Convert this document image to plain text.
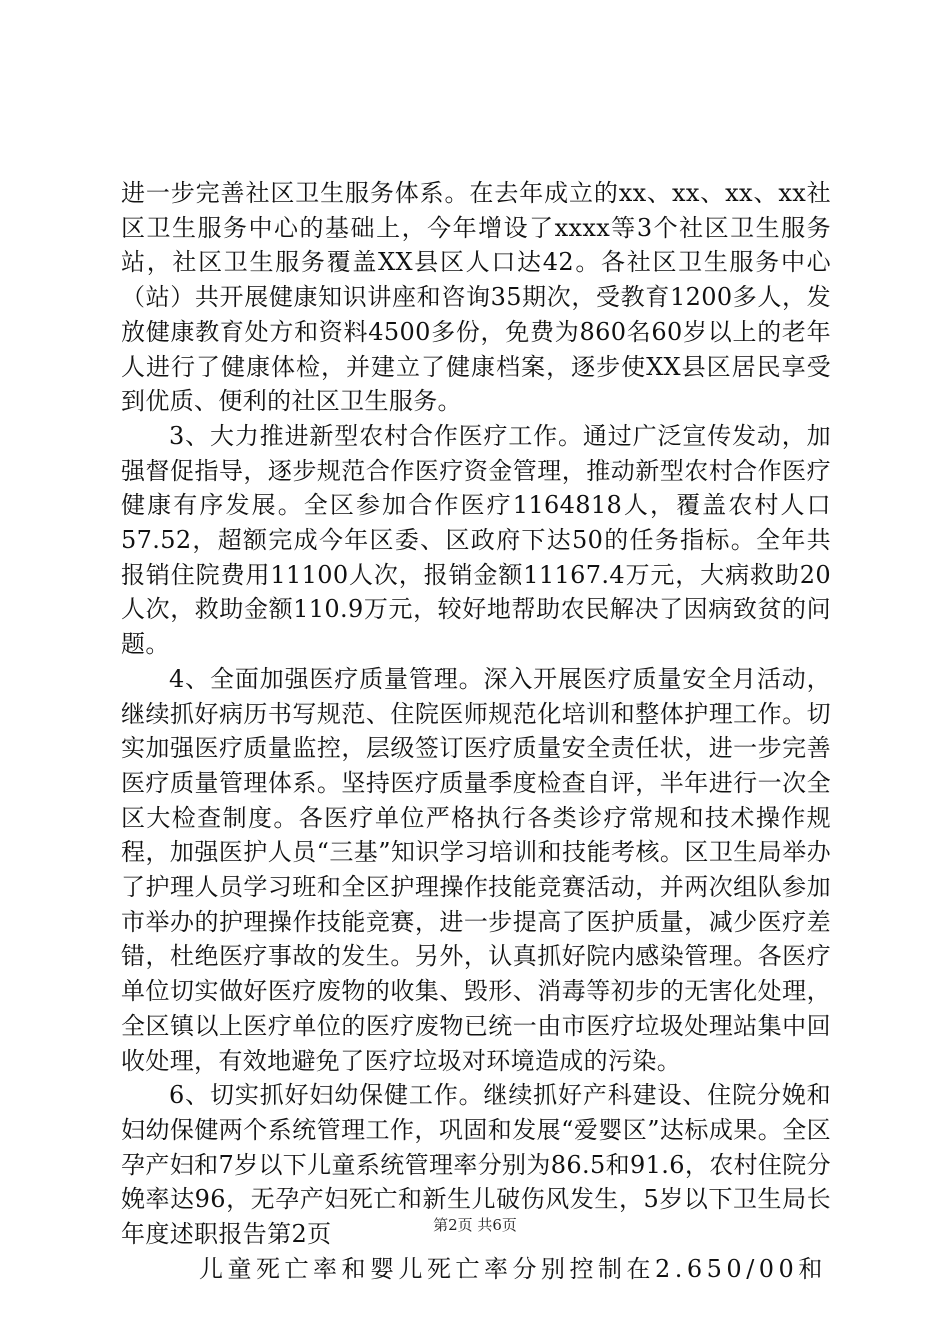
进一步完善社区卫生服务体系。在去年成立的xx、xx、xx、xx社区卫生服务中心的基础上，今年增设了xxxx等3个社区卫生服务站，社区卫生服务覆盖XX县区人口达42。各社区卫生服务中心（站）共开展健康知识讲座和咨询35期次，受教育1200多人，发放健康教育处方和资料4500多份，免费为860名60岁以上的老年人进行了健康体检，并建立了健康档案，逐步使XX县区居民享受到优质、便利的社区卫生服务。

3、大力推进新型农村合作医疗工作。通过广泛宣传发动，加强督促指导，逐步规范合作医疗资金管理，推动新型农村合作医疗健康有序发展。全区参加合作医疗1164818人，覆盖农村人口57.52，超额完成今年区委、区政府下达50的任务指标。全年共报销住院费用11100人次，报销金额11167.4万元，大病救助20人次，救助金额110.9万元，较好地帮助农民解决了因病致贫的问题。

4、全面加强医疗质量管理。深入开展医疗质量安全月活动，继续抓好病历书写规范、住院医师规范化培训和整体护理工作。切实加强医疗质量监控，层级签订医疗质量安全责任状，进一步完善医疗质量管理体系。坚持医疗质量季度检查自评，半年进行一次全区大检查制度。各医疗单位严格执行各类诊疗常规和技术操作规程，加强医护人员“三基”知识学习培训和技能考核。区卫生局举办了护理人员学习班和全区护理操作技能竞赛活动，并两次组队参加市举办的护理操作技能竞赛，进一步提高了医护质量，减少医疗差错，杜绝医疗事故的发生。另外，认真抓好院内感染管理。各医疗单位切实做好医疗废物的收集、毁形、消毒等初步的无害化处理，全区镇以上医疗单位的医疗废物已统一由市医疗垃圾处理站集中回收处理，有效地避免了医疗垃圾对环境造成的污染。

6、切实抓好妇幼保健工作。继续抓好产科建设、住院分娩和妇幼保健两个系统管理工作，巩固和发展“爱婴区”达标成果。全区孕产妇和7岁以下儿童系统管理率分别为86.5和91.6，农村住院分娩率达96，无孕产妇死亡和新生儿破伤风发生，5岁以下卫生局长年度述职报告第2页

儿童死亡率和婴儿死亡率分别控制在2.650/00和

第2页 共6页
